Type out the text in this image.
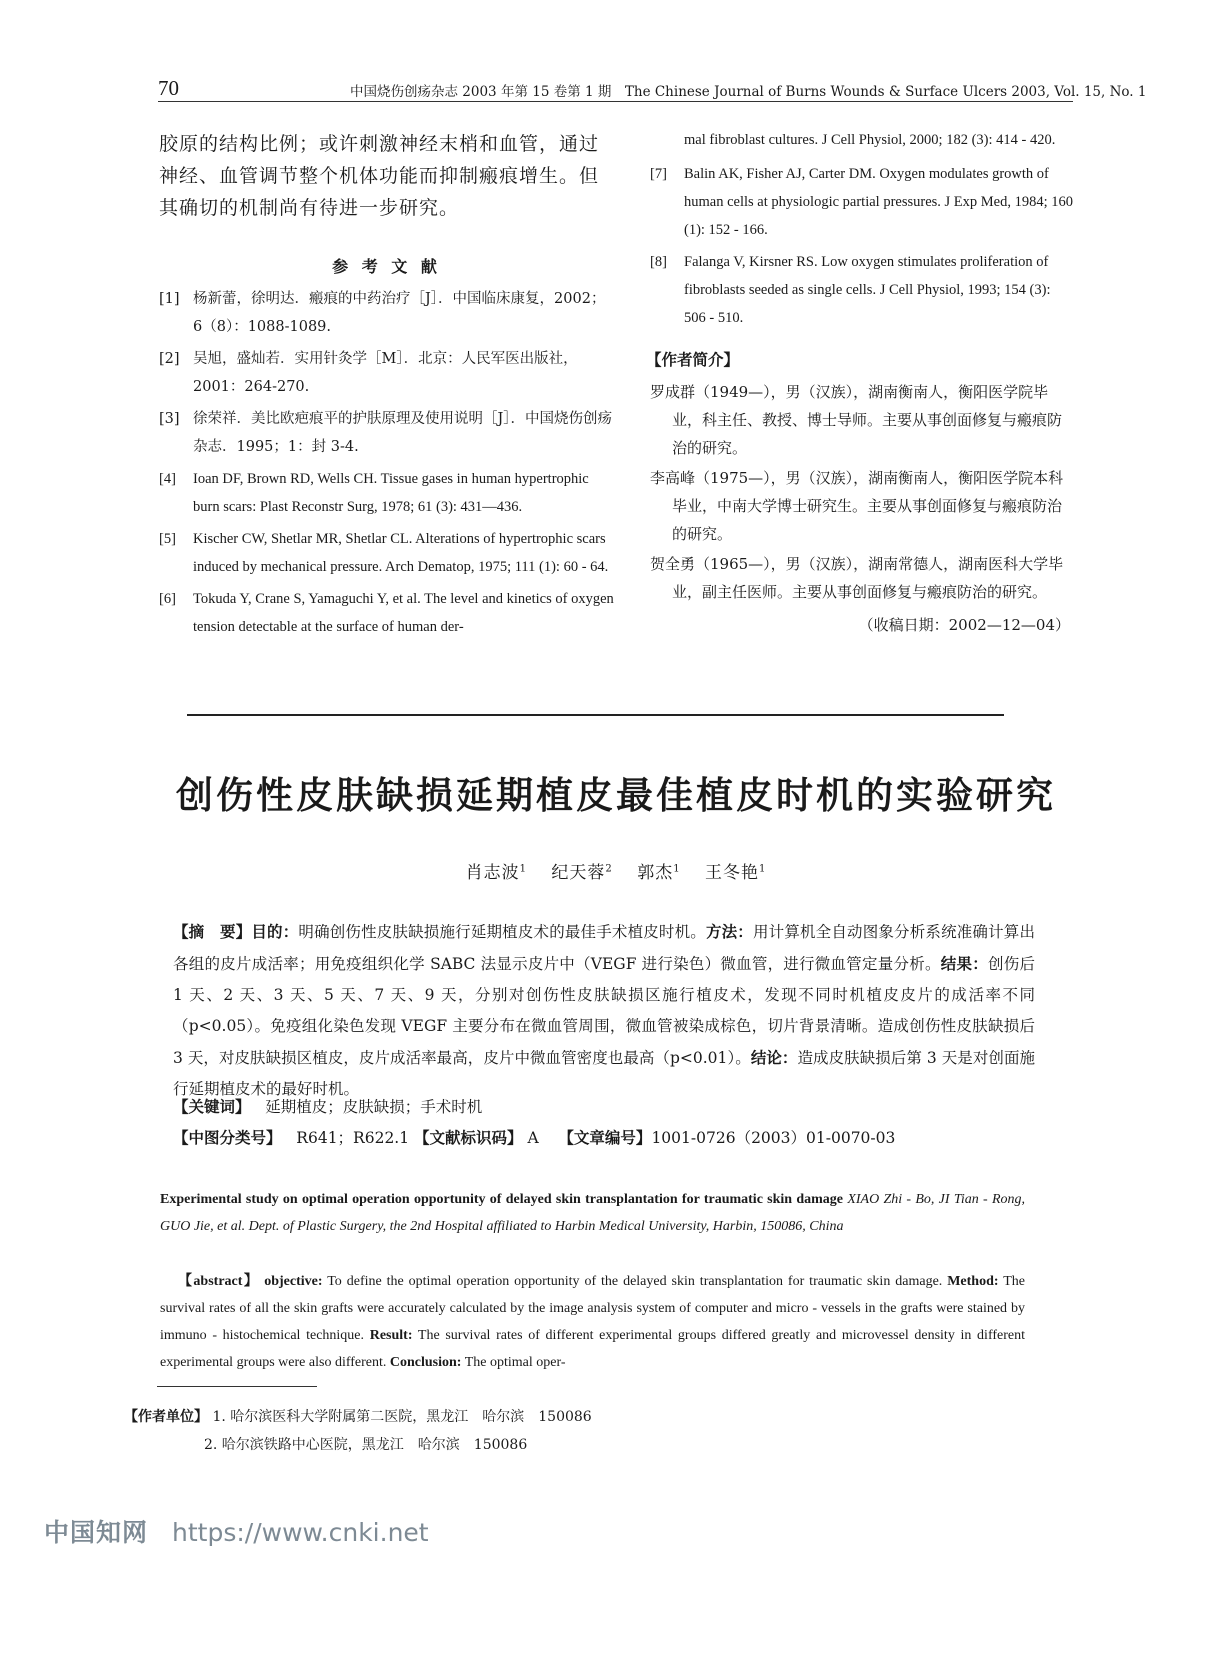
70	中国烧伤创疡杂志 2003 年第 15 卷第 1 期　The Chinese Journal of Burns Wounds & Surface Ulcers 2003, Vol. 15, No. 1

胶原的结构比例；或许刺激神经末梢和血管，通过神经、血管调节整个机体功能而抑制瘢痕增生。但其确切的机制尚有待进一步研究。

参 考 文 献

[1] 杨新蕾，徐明达．瘢痕的中药治疗［J］．中国临床康复，2002；6（8）：1088-1089.

[2] 吴旭，盛灿若．实用针灸学［M］．北京：人民军医出版社，2001：264-270.

[3] 徐荣祥．美比欧疤痕平的护肤原理及使用说明［J］．中国烧伤创疡杂志．1995；1：封 3-4.

[4] Ioan DF, Brown RD, Wells CH. Tissue gases in human hypertrophic burn scars: Plast Reconstr Surg, 1978; 61 (3): 431—436.

[5] Kischer CW, Shetlar MR, Shetlar CL. Alterations of hypertrophic scars induced by mechanical pressure. Arch Dematop, 1975; 111 (1): 60 - 64.

[6] Tokuda Y, Crane S, Yamaguchi Y, et al. The level and kinetics of oxygen tension detectable at the surface of human der-

mal fibroblast cultures. J Cell Physiol, 2000; 182 (3): 414 - 420.

[7] Balin AK, Fisher AJ, Carter DM. Oxygen modulates growth of human cells at physiologic partial pressures. J Exp Med, 1984; 160 (1): 152 - 166.

[8] Falanga V, Kirsner RS. Low oxygen stimulates proliferation of fibroblasts seeded as single cells. J Cell Physiol, 1993; 154 (3): 506 - 510.

【作者简介】

罗成群（1949—），男（汉族），湖南衡南人，衡阳医学院毕业，科主任、教授、博士导师。主要从事创面修复与瘢痕防治的研究。

李高峰（1975—），男（汉族），湖南衡南人，衡阳医学院本科毕业，中南大学博士研究生。主要从事创面修复与瘢痕防治的研究。

贺全勇（1965—），男（汉族），湖南常德人，湖南医科大学毕业，副主任医师。主要从事创面修复与瘢痕防治的研究。

（收稿日期：2002—12—04）
创伤性皮肤缺损延期植皮最佳植皮时机的实验研究
肖志波$^1$ 纪天蓉$^2$ 郭杰$^1$ 王冬艳$^1$

【摘　要】目的：明确创伤性皮肤缺损施行延期植皮术的最佳手术植皮时机。方法：用计算机全自动图象分析系统准确计算出各组的皮片成活率；用免疫组织化学 SABC 法显示皮片中（VEGF 进行染色）微血管，进行微血管定量分析。结果：创伤后 1 天、2 天、3 天、5 天、7 天、9 天，分别对创伤性皮肤缺损区施行植皮术，发现不同时机植皮皮片的成活率不同（p<0.05）。免疫组化染色发现 VEGF 主要分布在微血管周围，微血管被染成棕色，切片背景清晰。造成创伤性皮肤缺损后 3 天，对皮肤缺损区植皮，皮片成活率最高，皮片中微血管密度也最高（p<0.01）。结论：造成皮肤缺损后第 3 天是对创面施行延期植皮术的最好时机。

【关键词】 延期植皮；皮肤缺损；手术时机
【中图分类号】 R641；R622.1 【文献标识码】 A 【文章编号】1001-0726（2003）01-0070-03

Experimental study on optimal operation opportunity of delayed skin transplantation for traumatic skin damage XIAO Zhi - Bo, JI Tian - Rong, GUO Jie, et al. Dept. of Plastic Surgery, the 2nd Hospital affiliated to Harbin Medical University, Harbin, 150086, China

【abstract】 objective: To define the optimal operation opportunity of the delayed skin transplantation for traumatic skin damage. Method: The survival rates of all the skin grafts were accurately calculated by the image analysis system of computer and micro - vessels in the grafts were stained by immuno - histochemical technique. Result: The survival rates of different experimental groups differed greatly and microvessel density in different experimental groups were also different. Conclusion: The optimal oper-

【作者单位】 1. 哈尔滨医科大学附属第二医院，黑龙江　哈尔滨　150086
2. 哈尔滨铁路中心医院，黑龙江　哈尔滨　150086
中国知网 https://www.cnki.net
